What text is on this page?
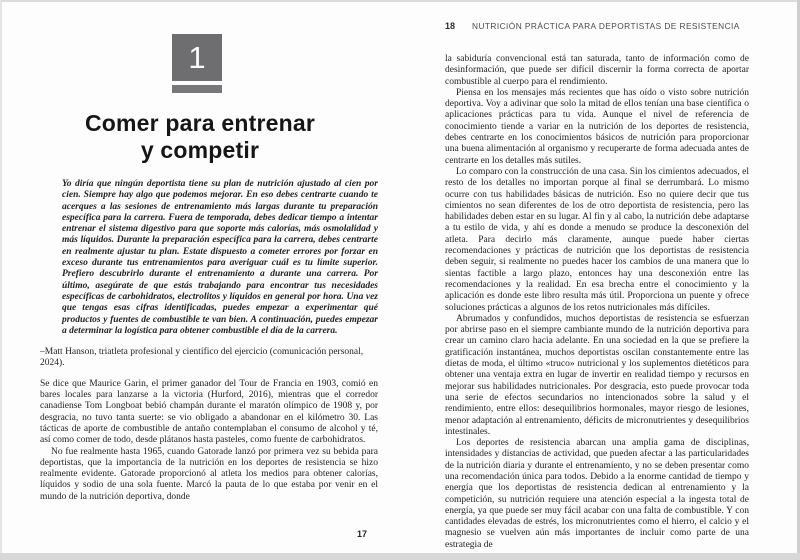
1
Comer para entrenar
y competir

Yo diría que ningún deportista tiene su plan de nutrición ajustado al cien por cien. Siempre hay algo que podemos mejorar. En eso debes centrarte cuando te acerques a las sesiones de entrenamiento más largas durante tu preparación específica para la carrera. Fuera de temporada, debes dedicar tiempo a intentar entrenar el sistema digestivo para que soporte más calorías, más osmolalidad y más líquidos. Durante la preparación específica para la carrera, debes centrarte en realmente ajustar tu plan. Estate dispuesto a cometer errores por forzar en exceso durante tus entrenamientos para averiguar cuál es tu límite superior. Prefiero descubrirlo durante el entrenamiento a durante una carrera. Por último, asegúrate de que estás trabajando para encontrar tus necesidades específicas de carbohidratos, electrolitos y líquidos en general por hora. Una vez que tengas esas cifras identificadas, puedes empezar a experimentar qué productos y fuentes de combustible te van bien. A continuación, puedes empezar a determinar la logística para obtener combustible el día de la carrera.

–Matt Hanson, triatleta profesional y científico del ejercicio (comunicación personal, 2024).

Se dice que Maurice Garin, el primer ganador del Tour de Francia en 1903, comió en bares locales para lanzarse a la victoria (Hurford, 2016), mientras que el corredor canadiense Tom Longboat bebió champán durante el maratón olímpico de 1908 y, por desgracia, no tuvo tanta suerte: se vio obligado a abandonar en el kilómetro 30. Las tácticas de aporte de combustible de antaño contemplaban el consumo de alcohol y té, así como comer de todo, desde plátanos hasta pasteles, como fuente de carbohidratos.

No fue realmente hasta 1965, cuando Gatorade lanzó por primera vez su bebida para deportistas, que la importancia de la nutrición en los deportes de resistencia se hizo realmente evidente. Gatorade proporcionó al atleta los medios para obtener calorías, líquidos y sodio de una sola fuente. Marcó la pauta de lo que estaba por venir en el mundo de la nutrición deportiva, donde

17
18 NUTRICIÓN PRÁCTICA PARA DEPORTISTAS DE RESISTENCIA

la sabiduría convencional está tan saturada, tanto de información como de desinformación, que puede ser difícil discernir la forma correcta de aportar combustible al cuerpo para el rendimiento.

Piensa en los mensajes más recientes que has oído o visto sobre nutrición deportiva. Voy a adivinar que solo la mitad de ellos tenían una base científica o aplicaciones prácticas para tu vida. Aunque el nivel de referencia de conocimiento tiende a variar en la nutrición de los deportes de resistencia, debes centrarte en los conocimientos básicos de nutrición para proporcionar una buena alimentación al organismo y recuperarte de forma adecuada antes de centrarte en los detalles más sutiles.

Lo comparo con la construcción de una casa. Sin los cimientos adecuados, el resto de los detalles no importan porque al final se derrumbará. Lo mismo ocurre con tus habilidades básicas de nutrición. Eso no quiere decir que tus cimientos no sean diferentes de los de otro deportista de resistencia, pero las habilidades deben estar en su lugar. Al fin y al cabo, la nutrición debe adaptarse a tu estilo de vida, y ahí es donde a menudo se produce la desconexión del atleta. Para decirlo más claramente, aunque puede haber ciertas recomendaciones y prácticas de nutrición que los deportistas de resistencia deben seguir, si realmente no puedes hacer los cambios de una manera que lo sientas factible a largo plazo, entonces hay una desconexión entre las recomendaciones y la realidad. En esa brecha entre el conocimiento y la aplicación es donde este libro resulta más útil. Proporciona un puente y ofrece soluciones prácticas a algunos de los retos nutricionales más difíciles.

Abrumados y confundidos, muchos deportistas de resistencia se esfuerzan por abrirse paso en el siempre cambiante mundo de la nutrición deportiva para crear un camino claro hacia adelante. En una sociedad en la que se prefiere la gratificación instantánea, muchos deportistas oscilan constantemente entre las dietas de moda, el último «truco» nutricional y los suplementos dietéticos para obtener una ventaja extra en lugar de invertir en realidad tiempo y recursos en mejorar sus habilidades nutricionales. Por desgracia, esto puede provocar toda una serie de efectos secundarios no intencionados sobre la salud y el rendimiento, entre ellos: desequilibrios hormonales, mayor riesgo de lesiones, menor adaptación al entrenamiento, déficits de micronutrientes y desequilibrios intestinales.

Los deportes de resistencia abarcan una amplia gama de disciplinas, intensidades y distancias de actividad, que pueden afectar a las particularidades de la nutrición diaria y durante el entrenamiento, y no se deben presentar como una recomendación única para todos. Debido a la enorme cantidad de tiempo y energía que los deportistas de resistencia dedican al entrenamiento y la competición, su nutrición requiere una atención especial a la ingesta total de energía, ya que puede ser muy fácil acabar con una falta de combustible. Y con cantidades elevadas de estrés, los micronutrientes como el hierro, el calcio y el magnesio se vuelven aún más importantes de incluir como parte de una estrategia de
